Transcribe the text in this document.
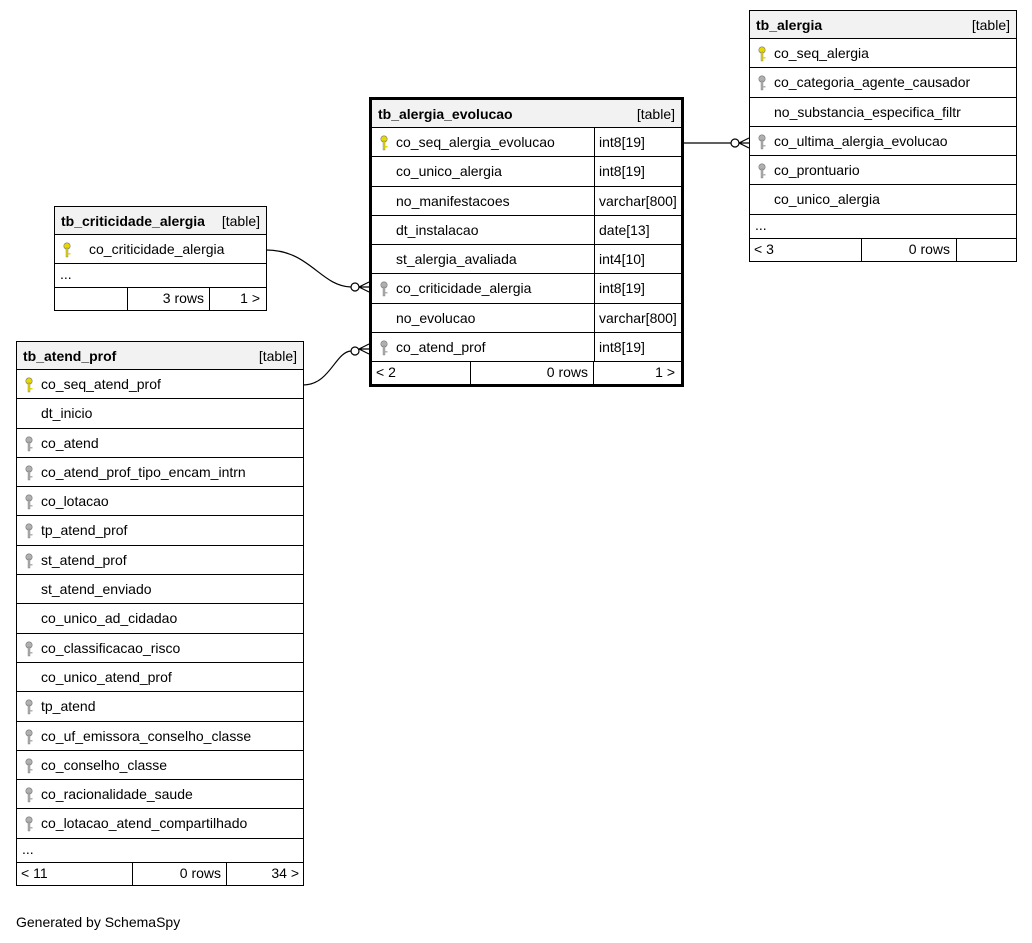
tb_alergia	[table]
co_seq_alergia
co_categoria_agente_causador
no_substancia_especifica_filtr
co_ultima_alergia_evolucao
co_prontuario
co_unico_alergia
...
< 3	0 rows
tb_alergia_evolucao	[table]
co_seq_alergia_evolucao	int8[19]
co_unico_alergia	int8[19]
no_manifestacoes	varchar[800]
dt_instalacao	date[13]
st_alergia_avaliada	int4[10]
co_criticidade_alergia	int8[19]
no_evolucao	varchar[800]
co_atend_prof	int8[19]
< 2	0 rows	1 >
tb_criticidade_alergia [table]
co_criticidade_alergia
...
3 rows	1 >
tb_atend_prof	[table]
co_seq_atend_prof
dt_inicio
co_atend
co_atend_prof_tipo_encam_intrn
co_lotacao
tp_atend_prof
st_atend_prof
st_atend_enviado
co_unico_ad_cidadao
co_classificacao_risco
co_unico_atend_prof
tp_atend
co_uf_emissora_conselho_classe
co_conselho_classe
co_racionalidade_saude
co_lotacao_atend_compartilhado
...
< 11	0 rows	34 >
Generated by SchemaSpy
